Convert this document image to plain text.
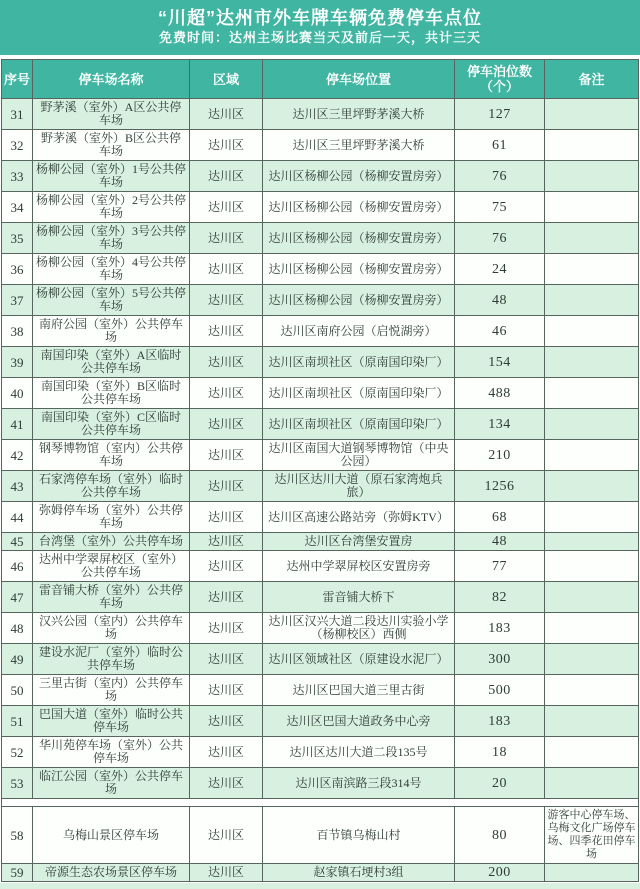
“川超”达州市外车牌车辆免费停车点位
免费时间：达州主场比赛当天及前后一天，共计三天
序号	停车场名称	区域	停车场位置	停车泊位数（个）	备注
31	野茅溪（室外）A区公共停车场	达川区	达川区三里坪野茅溪大桥	127	
32	野茅溪（室外）B区公共停车场	达川区	达川区三里坪野茅溪大桥	61	
33	杨柳公园（室外）1号公共停车场	达川区	达川区杨柳公园（杨柳安置房旁）	76	
34	杨柳公园（室外）2号公共停车场	达川区	达川区杨柳公园（杨柳安置房旁）	75	
35	杨柳公园（室外）3号公共停车场	达川区	达川区杨柳公园（杨柳安置房旁）	76	
36	杨柳公园（室外）4号公共停车场	达川区	达川区杨柳公园（杨柳安置房旁）	24	
37	杨柳公园（室外）5号公共停车场	达川区	达川区杨柳公园（杨柳安置房旁）	48	
38	南府公园（室外）公共停车场	达川区	达川区南府公园（启悦湖旁）	46	
39	南国印染（室外）A区临时公共停车场	达川区	达川区南坝社区（原南国印染厂）	154	
40	南国印染（室外）B区临时公共停车场	达川区	达川区南坝社区（原南国印染厂）	488	
41	南国印染（室外）C区临时公共停车场	达川区	达川区南坝社区（原南国印染厂）	134	
42	钢琴博物馆（室内）公共停车场	达川区	达川区南国大道钢琴博物馆（中央公园）	210	
43	石家湾停车场（室外）临时公共停车场	达川区	达川区达川大道（原石家湾炮兵旅）	1256	
44	弥姆停车场（室外）公共停车场	达川区	达川区高速公路站旁（弥姆KTV）	68	
45	台湾堡（室外）公共停车场	达川区	达川区台湾堡安置房	48	
46	达州中学翠屏校区（室外）公共停车场	达川区	达州中学翠屏校区安置房旁	77	
47	雷音铺大桥（室外）公共停车场	达川区	雷音铺大桥下	82	
48	汉兴公园（室内）公共停车场	达川区	达川区汉兴大道二段达川实验小学（杨柳校区）西侧	183	
49	建设水泥厂（室外）临时公共停车场	达川区	达川区领域社区（原建设水泥厂）	300	
50	三里古街（室内）公共停车场	达川区	达川区巴国大道三里古街	500	
51	巴国大道（室外）临时公共停车场	达川区	达川区巴国大道政务中心旁	183	
52	华川苑停车场（室外）公共停车场	达川区	达川区达川大道二段135号	18	
53	临江公园（室外）公共停车场	达川区	达川区南滨路三段314号	20	

58	乌梅山景区停车场	达川区	百节镇乌梅山村	80	游客中心停车场、乌梅文化广场停车场、四季花田停车场
59	帝源生态农场景区停车场	达川区	赵家镇石埂村3组	200	
